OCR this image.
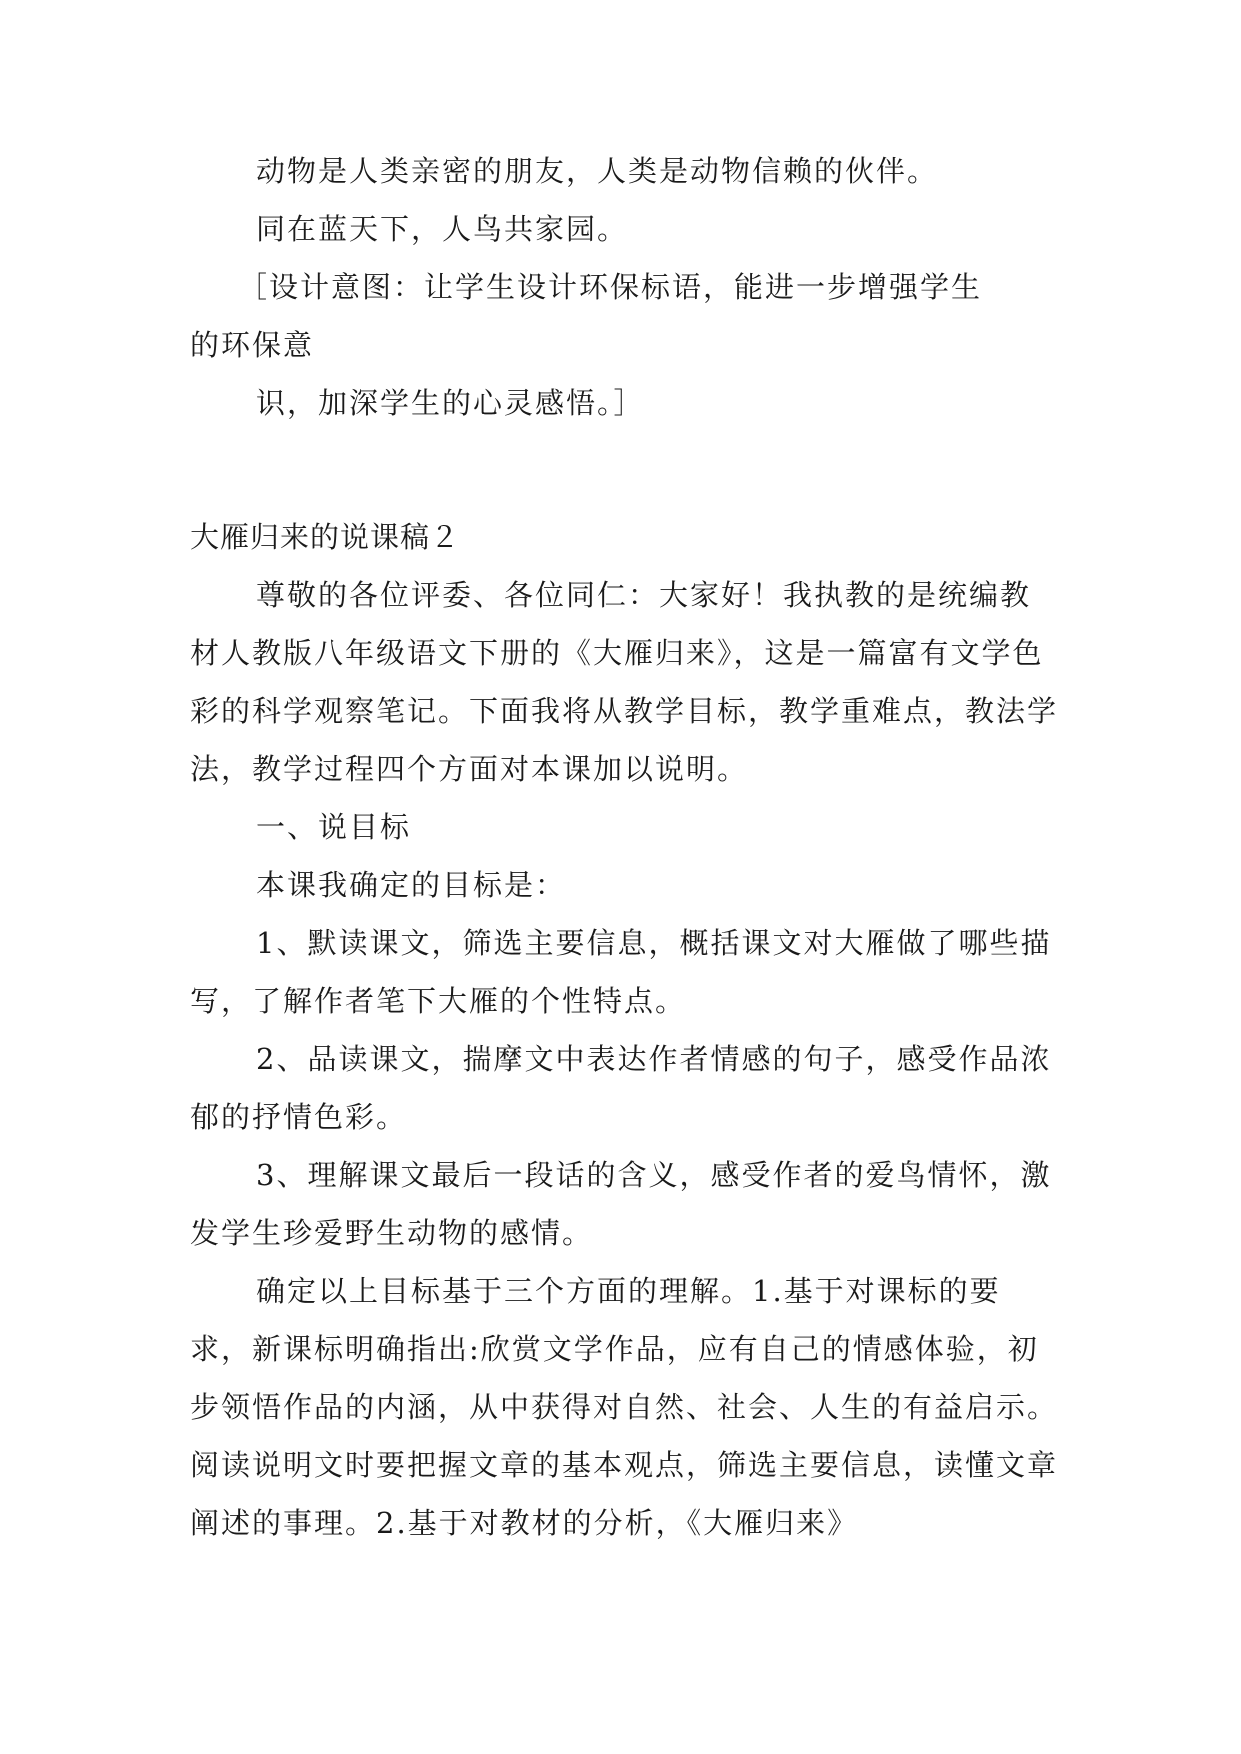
动物是人类亲密的朋友，人类是动物信赖的伙伴。

同在蓝天下，人鸟共家园。

［设计意图：让学生设计环保标语，能进一步增强学生

的环保意

识，加深学生的心灵感悟。］

大雁归来的说课稿２

尊敬的各位评委、各位同仁：大家好！我执教的是统编教材人教版八年级语文下册的《大雁归来》，这是一篇富有文学色彩的科学观察笔记。下面我将从教学目标，教学重难点，教法学法，教学过程四个方面对本课加以说明。

一、说目标

本课我确定的目标是：

1、默读课文，筛选主要信息，概括课文对大雁做了哪些描写，了解作者笔下大雁的个性特点。

2、品读课文，揣摩文中表达作者情感的句子，感受作品浓郁的抒情色彩。

3、理解课文最后一段话的含义，感受作者的爱鸟情怀，激发学生珍爱野生动物的感情。

确定以上目标基于三个方面的理解。1.基于对课标的要求，新课标明确指出:欣赏文学作品，应有自己的情感体验，初步领悟作品的内涵，从中获得对自然、社会、人生的有益启示。阅读说明文时要把握文章的基本观点，筛选主要信息，读懂文章阐述的事理。2.基于对教材的分析，《大雁归来》
